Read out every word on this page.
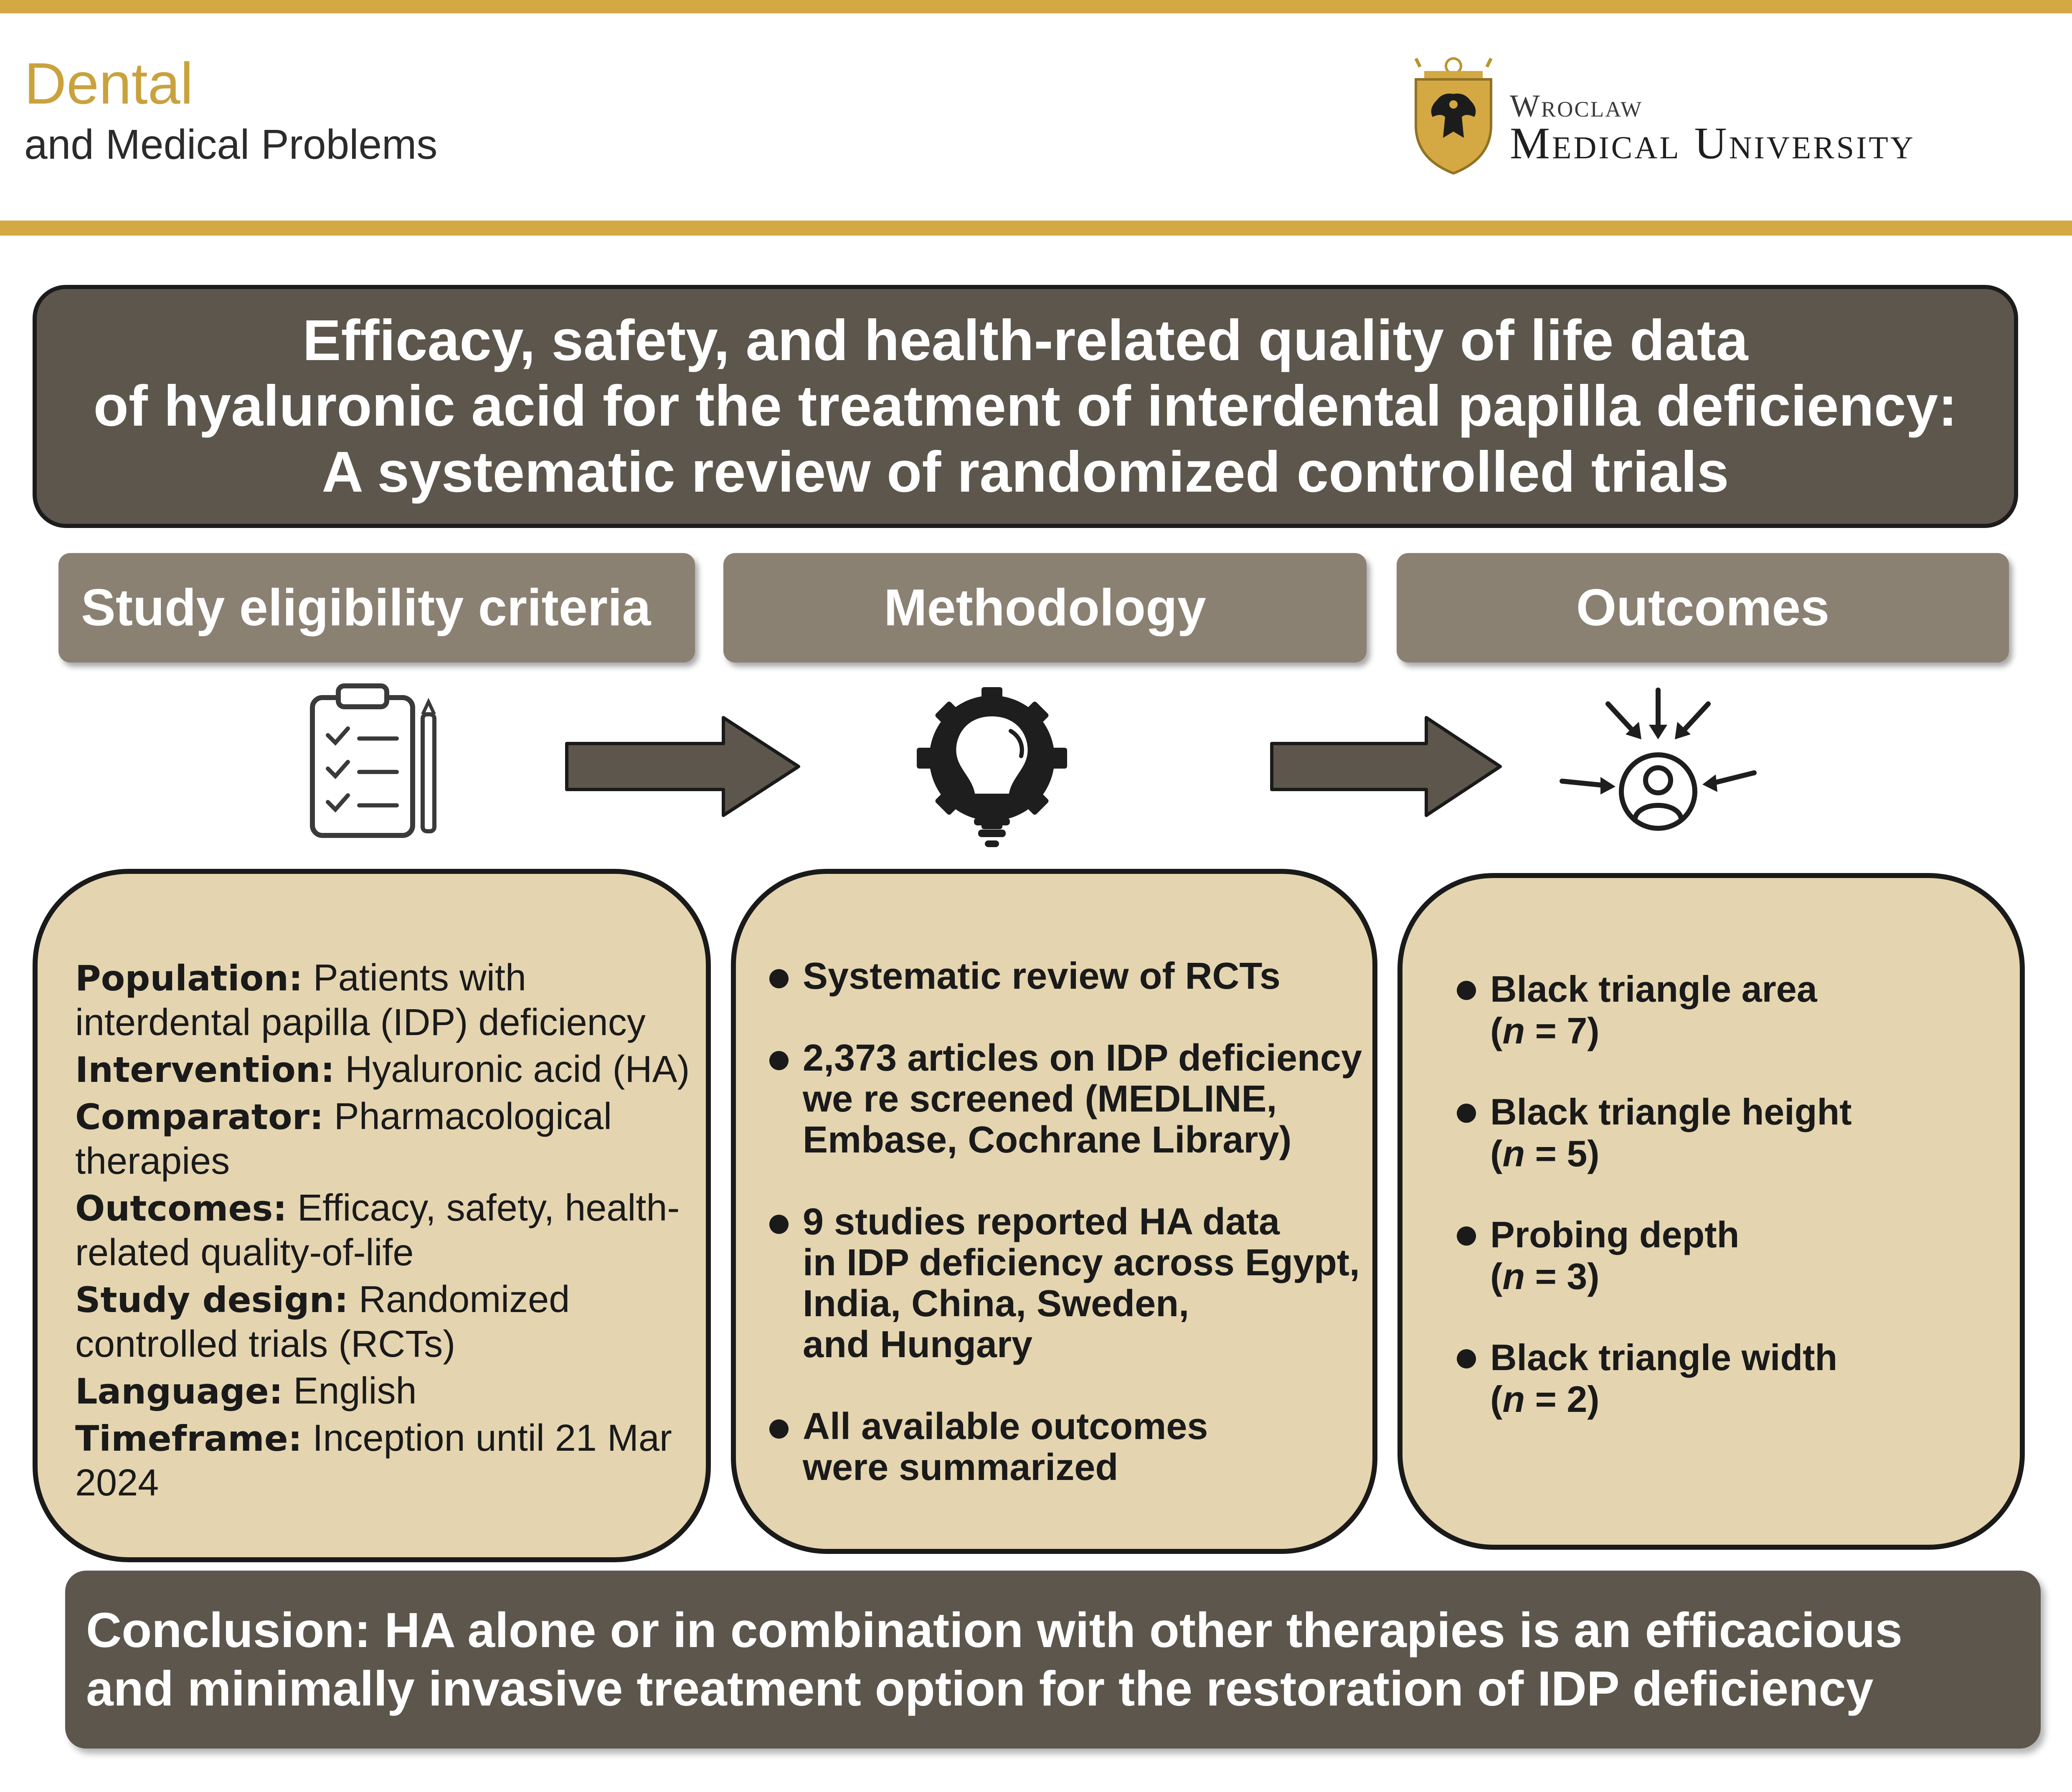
Dental
and Medical Problems
Wroclaw
Medical University
Efficacy, safety, and health-related quality of life data
of hyaluronic acid for the treatment of interdental papilla deficiency:
A systematic review of randomized controlled trials
Study eligibility criteria	Methodology	Outcomes
Population: Patients with interdental papilla (IDP) deficiency
Intervention: Hyaluronic acid (HA)
Comparator: Pharmacological therapies
Outcomes: Efficacy, safety, health-related quality-of-life
Study design: Randomized controlled trials (RCTs)
Language: English
Timeframe: Inception until 21 Mar 2024
Systematic review of RCTs
2,373 articles on IDP deficiency
we re screened (MEDLINE,
Embase, Cochrane Library)
9 studies reported HA data
in IDP deficiency across Egypt,
India, China, Sweden,
and Hungary
All available outcomes
were summarized
Black triangle area
(n = 7)
Black triangle height
(n = 5)
Probing depth
(n = 3)
Black triangle width
(n = 2)
Conclusion: HA alone or in combination with other therapies is an efficacious
and minimally invasive treatment option for the restoration of IDP deficiency
